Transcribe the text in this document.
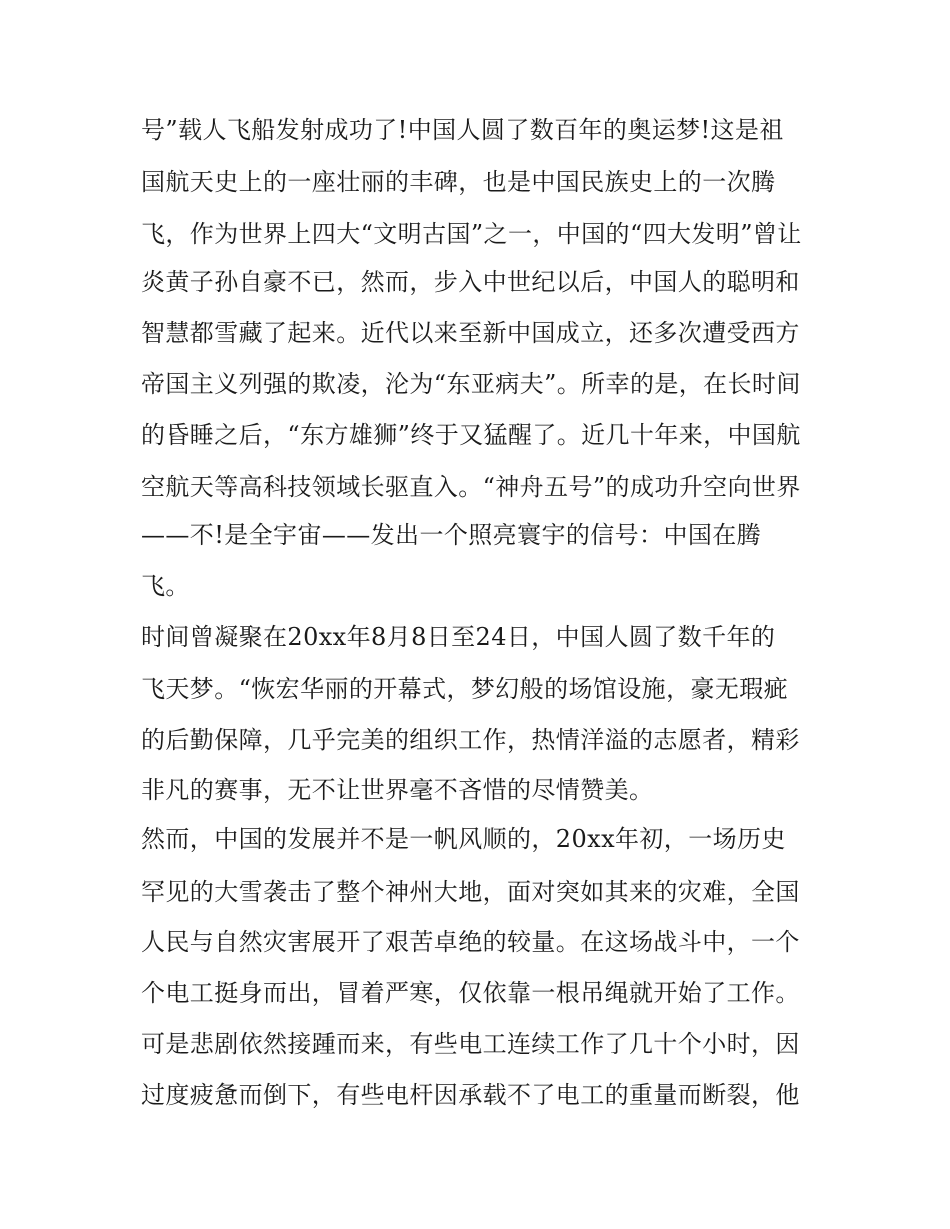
号”载人飞船发射成功了!中国人圆了数百年的奥运梦!这是祖
国航天史上的一座壮丽的丰碑，也是中国民族史上的一次腾
飞，作为世界上四大“文明古国”之一，中国的“四大发明”曾让
炎黄子孙自豪不已，然而，步入中世纪以后，中国人的聪明和
智慧都雪藏了起来。近代以来至新中国成立，还多次遭受西方
帝国主义列强的欺凌，沦为“东亚病夫”。所幸的是，在长时间
的昏睡之后，“东方雄狮”终于又猛醒了。近几十年来，中国航
空航天等高科技领域长驱直入。“神舟五号”的成功升空向世界
——不!是全宇宙——发出一个照亮寰宇的信号：中国在腾
飞。
时间曾凝聚在20xx年8月8日至24日，中国人圆了数千年的
飞天梦。“恢宏华丽的开幕式，梦幻般的场馆设施，豪无瑕疵
的后勤保障，几乎完美的组织工作，热情洋溢的志愿者，精彩
非凡的赛事，无不让世界毫不吝惜的尽情赞美。
然而，中国的发展并不是一帆风顺的，20xx年初，一场历史
罕见的大雪袭击了整个神州大地，面对突如其来的灾难，全国
人民与自然灾害展开了艰苦卓绝的较量。在这场战斗中，一个
个电工挺身而出，冒着严寒，仅依靠一根吊绳就开始了工作。
可是悲剧依然接踵而来，有些电工连续工作了几十个小时，因
过度疲惫而倒下，有些电杆因承载不了电工的重量而断裂，他
